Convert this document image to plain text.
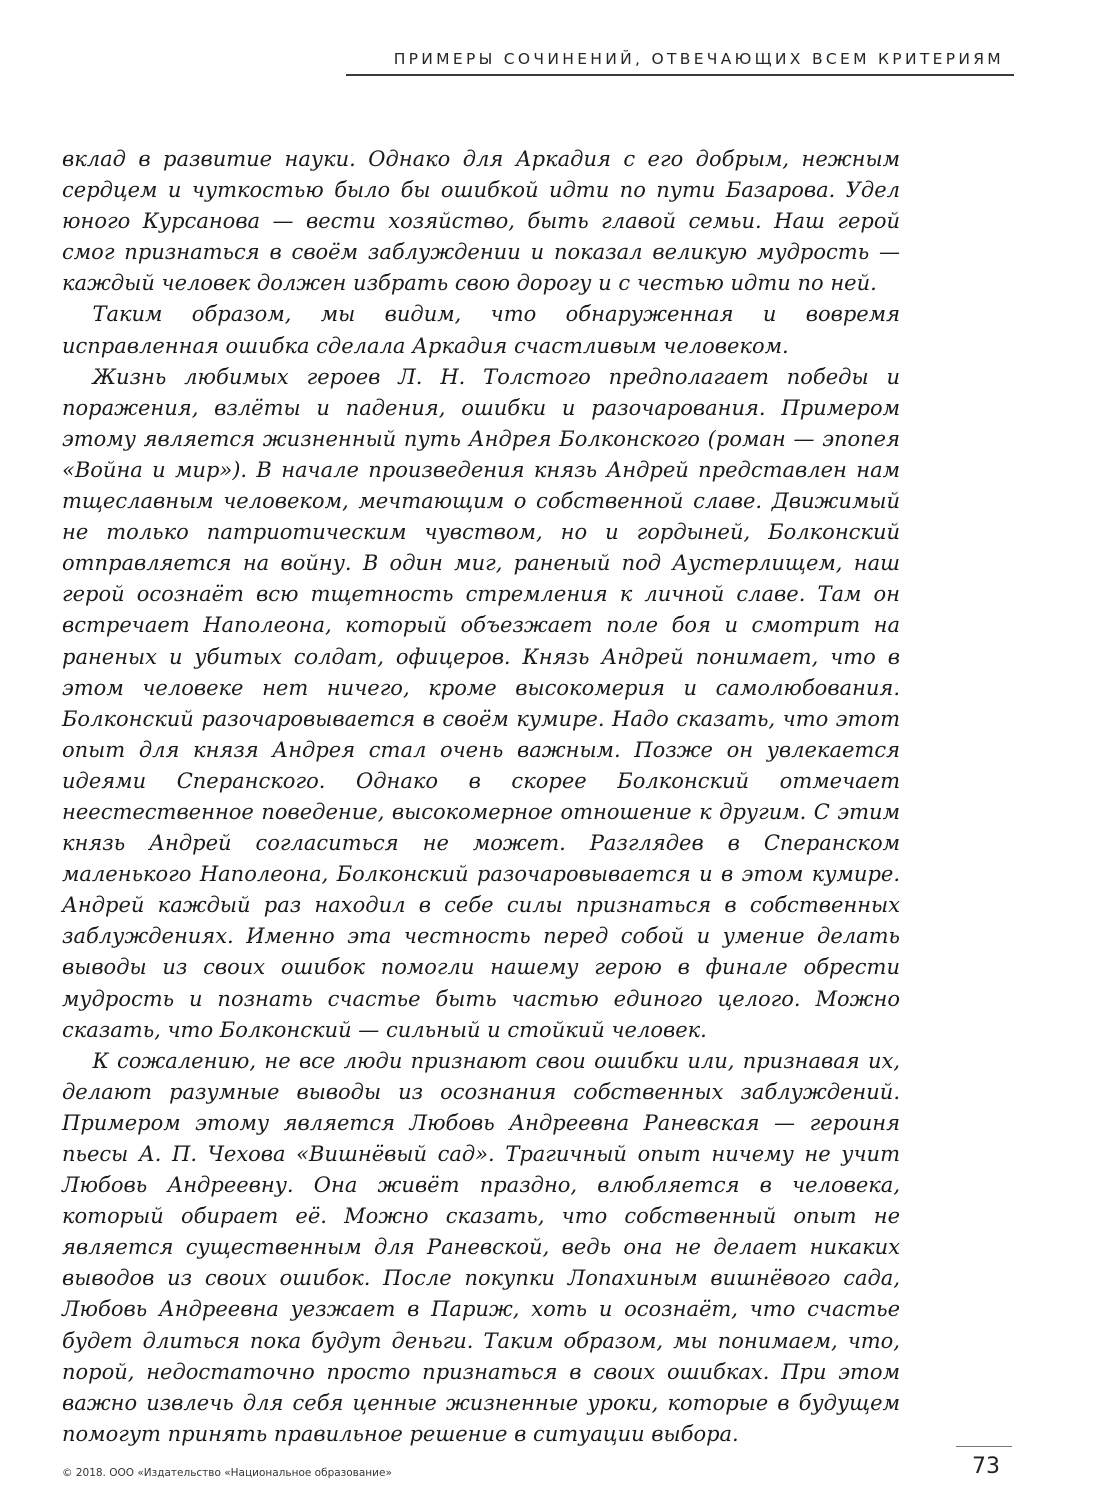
ПРИМЕРЫ СОЧИНЕНИЙ, ОТВЕЧАЮЩИХ ВСЕМ КРИТЕРИЯМ

вклад в развитие науки. Однако для Аркадия с его добрым, нежным сердцем и чуткостью было бы ошибкой идти по пути Базарова. Удел юного Курсанова — вести хозяйство, быть главой семьи. Наш герой смог признаться в своём заблуждении и показал великую мудрость — каждый человек должен избрать свою дорогу и с честью идти по ней.

Таким образом, мы видим, что обнаруженная и вовремя исправленная ошибка сделала Аркадия счастливым человеком.

Жизнь любимых героев Л. Н. Толстого предполагает победы и поражения, взлёты и падения, ошибки и разочарования. Примером этому является жизненный путь Андрея Болконского (роман — эпопея «Война и мир»). В начале произведения князь Андрей представлен нам тщеславным человеком, мечтающим о собственной славе. Движимый не только патриотическим чувством, но и гордыней, Болконский отправляется на войну. В один миг, раненый под Аустерлищем, наш герой осознаёт всю тщетность стремления к личной славе. Там он встречает Наполеона, который объезжает поле боя и смотрит на раненых и убитых солдат, офицеров. Князь Андрей понимает, что в этом человеке нет ничего, кроме высокомерия и самолюбования. Болконский разочаровывается в своём кумире. Надо сказать, что этот опыт для князя Андрея стал очень важным. Позже он увлекается идеями Сперанского. Однако в скорее Болконский отмечает неестественное поведение, высокомерное отношение к другим. С этим князь Андрей согласиться не может. Разглядев в Сперанском маленького Наполеона, Болконский разочаровывается и в этом кумире. Андрей каждый раз находил в себе силы признаться в собственных заблуждениях. Именно эта честность перед собой и умение делать выводы из своих ошибок помогли нашему герою в финале обрести мудрость и познать счастье быть частью единого целого. Можно сказать, что Болконский — сильный и стойкий человек.

К сожалению, не все люди признают свои ошибки или, признавая их, делают разумные выводы из осознания собственных заблуждений. Примером этому является Любовь Андреевна Раневская — героиня пьесы А. П. Чехова «Вишнёвый сад». Трагичный опыт ничему не учит Любовь Андреевну. Она живёт праздно, влюбляется в человека, который обирает её. Можно сказать, что собственный опыт не является существенным для Раневской, ведь она не делает никаких выводов из своих ошибок. После покупки Лопахиным вишнёвого сада, Любовь Андреевна уезжает в Париж, хоть и осознаёт, что счастье будет длиться пока будут деньги. Таким образом, мы понимаем, что, порой, недостаточно просто признаться в своих ошибках. При этом важно извлечь для себя ценные жизненные уроки, которые в будущем помогут принять правильное решение в ситуации выбора.

© 2018. ООО «Издательство «Национальное образование»	73
